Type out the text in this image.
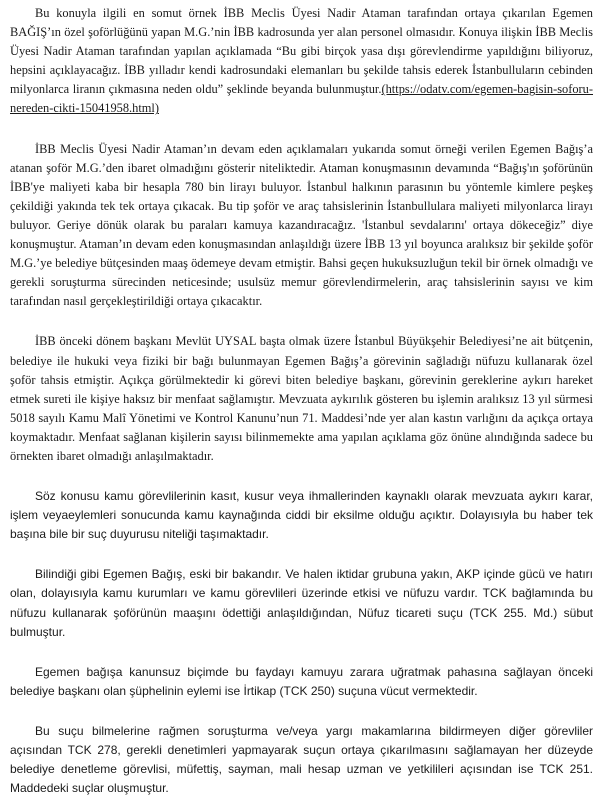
Bu konuyla ilgili en somut örnek İBB Meclis Üyesi Nadir Ataman tarafından ortaya çıkarılan Egemen BAĞIŞ’ın özel şoförlüğünü yapan M.G.’nin İBB kadrosunda yer alan personel olmasıdır. Konuya ilişkin İBB Meclis Üyesi Nadir Ataman tarafından yapılan açıklamada “Bu gibi birçok yasa dışı görevlendirme yapıldığını biliyoruz, hepsini açıklayacağız. İBB yılladır kendi kadrosundaki elemanları bu şekilde tahsis ederek İstanbulluların cebinden milyonlarca liranın çıkmasına neden oldu” şeklinde beyanda bulunmuştur.(https://odatv.com/egemen-bagisin-soforu-nereden-cikti-15041958.html)

İBB Meclis Üyesi Nadir Ataman’ın devam eden açıklamaları yukarıda somut örneği verilen Egemen Bağış’a atanan şoför M.G.’den ibaret olmadığını gösterir niteliktedir. Ataman konuşmasının devamında “Bağış'ın şoförünün İBB'ye maliyeti kaba bir hesapla 780 bin lirayı buluyor. İstanbul halkının parasının bu yöntemle kimlere peşkeş çekildiği yakında tek tek ortaya çıkacak. Bu tip şoför ve araç tahsislerinin İstanbullulara maliyeti milyonlarca lirayı buluyor. Geriye dönük olarak bu paraları kamuya kazandıracağız. 'İstanbul sevdalarını' ortaya dökeceğiz” diye konuşmuştur. Ataman’ın devam eden konuşmasından anlaşıldığı üzere İBB 13 yıl boyunca aralıksız bir şekilde şoför M.G.’ye belediye bütçesinden maaş ödemeye devam etmiştir. Bahsi geçen hukuksuzluğun tekil bir örnek olmadığı ve gerekli soruşturma sürecinden neticesinde; usulsüz memur görevlendirmelerin, araç tahsislerinin sayısı ve kim tarafından nasıl gerçekleştirildiği ortaya çıkacaktır.

İBB önceki dönem başkanı Mevlüt UYSAL başta olmak üzere İstanbul Büyükşehir Belediyesi’ne ait bütçenin, belediye ile hukuki veya fiziki bir bağı bulunmayan Egemen Bağış’a görevinin sağladığı nüfuzu kullanarak özel şoför tahsis etmiştir. Açıkça görülmektedir ki görevi biten belediye başkanı, görevinin gereklerine aykırı hareket etmek sureti ile kişiye haksız bir menfaat sağlamıştır. Mevzuata aykırılık gösteren bu işlemin aralıksız 13 yıl sürmesi 5018 sayılı Kamu Malî Yönetimi ve Kontrol Kanunu’nun 71. Maddesi’nde yer alan kastın varlığını da açıkça ortaya koymaktadır. Menfaat sağlanan kişilerin sayısı bilinmemekte ama yapılan açıklama göz önüne alındığında sadece bu örnekten ibaret olmadığı anlaşılmaktadır.

Söz konusu kamu görevlilerinin kasıt, kusur veya ihmallerinden kaynaklı olarak mevzuata aykırı karar, işlem veyaeylemleri sonucunda kamu kaynağında ciddi bir eksilme olduğu açıktır. Dolayısıyla bu haber tek başına bile bir suç duyurusu niteliği taşımaktadır.

Bilindiği gibi Egemen Bağış, eski bir bakandır. Ve halen iktidar grubuna yakın, AKP içinde gücü ve hatırı olan, dolayısıyla kamu kurumları ve kamu görevlileri üzerinde etkisi ve nüfuzu vardır. TCK bağlamında bu nüfuzu kullanarak şoförünün maaşını ödettiği anlaşıldığından, Nüfuz ticareti suçu (TCK 255. Md.) sübut bulmuştur.

Egemen bağışa kanunsuz biçimde bu faydayı kamuyu zarara uğratmak pahasına sağlayan önceki belediye başkanı olan şüphelinin eylemi ise İrtikap (TCK 250) suçuna vücut vermektedir.

Bu suçu bilmelerine rağmen soruşturma ve/veya yargı makamlarına bildirmeyen diğer görevliler açısından TCK 278, gerekli denetimleri yapmayarak suçun ortaya çıkarılmasını sağlamayan her düzeyde belediye denetleme görevlisi, müfettiş, sayman, mali hesap uzman ve yetkilileri açısından ise TCK 251. Maddedeki suçlar oluşmuştur.
